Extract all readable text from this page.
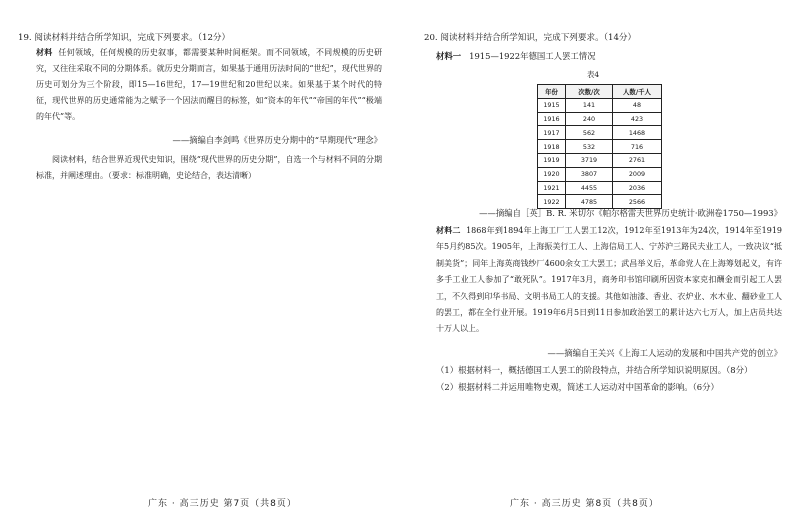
19. 阅读材料并结合所学知识，完成下列要求。（12分）
材料 任何领域，任何规模的历史叙事，都需要某种时间框架。而不同领域，不同规模的历史研究，又往往采取不同的分期体系。就历史分期而言，如果基于通用历法时间的“世纪”，现代世界的历史可划分为三个阶段，即15—16世纪，17—19世纪和20世纪以来。如果基于某个时代的特征，现代世界的历史通常能为之赋予一个因法而醒目的标签，如“资本的年代”“帝国的年代”“极端的年代”等。
——摘编自李剑鸣《世界历史分期中的“早期现代”理念》
阅读材料，结合世界近现代史知识，围绕“现代世界的历史分期”，自选一个与材料不同的分期标准，并阐述理由。（要求：标准明确，史论结合，表达清晰）
广东 · 高三历史 第7页（共8页）
20. 阅读材料并结合所学知识，完成下列要求。（14分）
材料一 1915—1922年德国工人罢工情况
表4
年份	次数/次	人数/千人
1915	141	48
1916	240	423
1917	562	1468
1918	532	716
1919	3719	2761
1920	3807	2009
1921	4455	2036
1922	4785	2566
——摘编自［英］B. R. 米切尔《帕尔格雷夫世界历史统计·欧洲卷1750—1993》
材料二 1868年到1894年上海工厂工人罢工12次，1912年至1913年为24次，1914年至1919年5月约85次。1905年，上海振美行工人、上海信局工人、宁苏沪三路民夫业工人，一致决议“抵制美货”；同年上海英商钱纱厂4600余女工大罢工；武昌举义后，革命党人在上海筹划起义，有许多手工业工人参加了“敢死队”。1917年3月，商务印书馆印刷所因资本家克扣酬金而引起工人罢工，不久得到印华书局、文明书局工人的支援。其他如油漆、香业、衣炉业、水木业、翻砂业工人的罢工，都在全行业开展。1919年6月5日到11日参加政治罢工的累计达六七万人，加上店员共达十万人以上。
——摘编自王关兴《上海工人运动的发展和中国共产党的创立》
（1）根据材料一，概括德国工人罢工的阶段特点，并结合所学知识说明原因。（8分）
（2）根据材料二并运用唯物史观，简述工人运动对中国革命的影响。（6分）
广东 · 高三历史 第8页（共8页）
